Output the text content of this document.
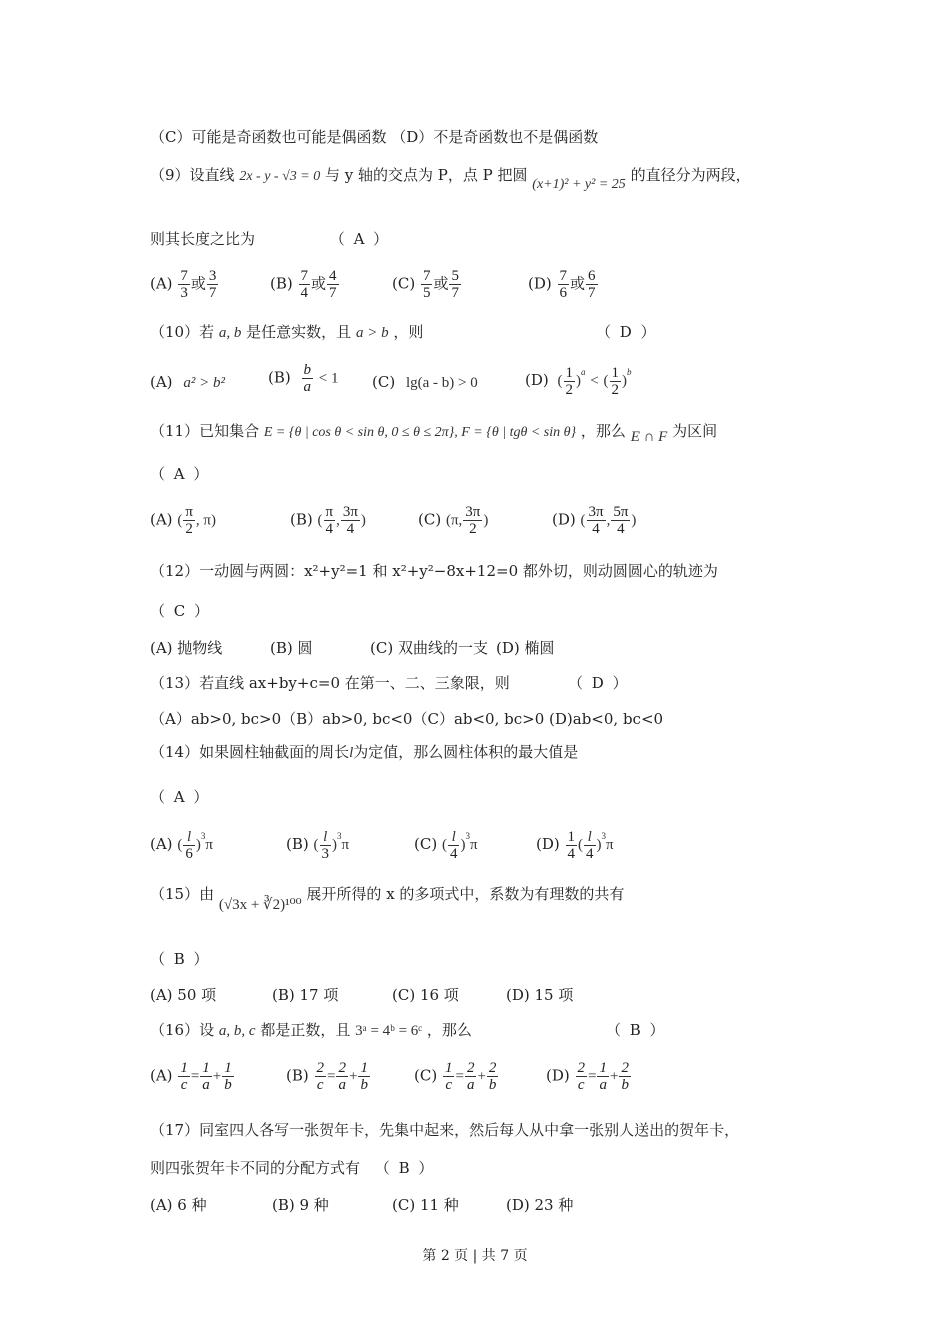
（C）可能是奇函数也可能是偶函数 （D）不是奇函数也不是偶函数
（9）设直线 2x - y - √3 = 0 与 y 轴的交点为 P，点 P 把圆 (x+1)² + y² = 25 的直径分为两段，
则其长度之比为	（ A ）
$(A) \frac{7}{3}$ 或 $\frac{3}{7}$	$(B) \frac{7}{4}$ 或 $\frac{4}{7}$	$(C) \frac{7}{5}$ 或 $\frac{5}{7}$	$(D) \frac{7}{6}$ 或 $\frac{6}{7}$
（10）若 a, b 是任意实数，且 a > b ，则	（ D ）
(A) a² > b²	$(B) \frac{b}{a} < 1$ (C) lg(a - b) > 0	(D) ( $\frac{1}{2} )^a$ < ( $\frac{1}{2} )^b$
（11）已知集合 E = {θ | cos θ < sin θ, 0 ≤ θ ≤ 2π}, F = {θ | tgθ < sin θ} ，那么 E ∩ F 为区间
（ A ）
(A) ( $\frac{\pi}{2}$ , π)	(B) ( $\frac{\pi}{4}$ , $\frac{3\pi}{4}$ )	(C) (π, $\frac{3\pi}{2}$ )	(D) ( $\frac{3\pi}{4}$ , $\frac{5\pi}{4}$ )
（12）一动圆与两圆：x²+y²=1 和 x²+y²−8x+12=0 都外切，则动圆圆心的轨迹为
（ C ）
(A) 抛物线	(B) 圆	(C) 双曲线的一支 (D) 椭圆
（13）若直线 ax+by+c=0 在第一、二、三象限，则	（ D ）
（A）ab>0, bc>0（B）ab>0, bc<0（C）ab<0, bc>0 (D)ab<0, bc<0
（14）如果圆柱轴截面的周长l为定值，那么圆柱体积的最大值是
（ A ）
(A) ( $\frac{l}{6} )^3\pi$	(B) ( $\frac{l}{3} )^3\pi$	(C) ( $\frac{l}{4} )^3\pi$	$(D) \frac{1}{4}$ ( $\frac{l}{4} )^3\pi$
（15）由 (√3x + ∛2)¹⁰⁰ 展开所得的 x 的多项式中，系数为有理数的共有
（ B ）
(A) 50 项	(B) 17 项	(C) 16 项	(D) 15 项
（16）设 a, b, c 都是正数，且 3ᵃ = 4ᵇ = 6ᶜ ，那么	（ B ）
$(A) \frac{1}{c} = \frac{1}{a} + \frac{1}{b}$	$(B) \frac{2}{c} = \frac{2}{a} + \frac{1}{b}$	$(C) \frac{1}{c} = \frac{2}{a} + \frac{2}{b}$	$(D) \frac{2}{c} = \frac{1}{a} + \frac{2}{b}$
（17）同室四人各写一张贺年卡，先集中起来，然后每人从中拿一张别人送出的贺年卡，
则四张贺年卡不同的分配方式有 （ B ）
(A) 6 种	(B) 9 种	(C) 11 种	(D) 23 种
第 2 页 | 共 7 页
